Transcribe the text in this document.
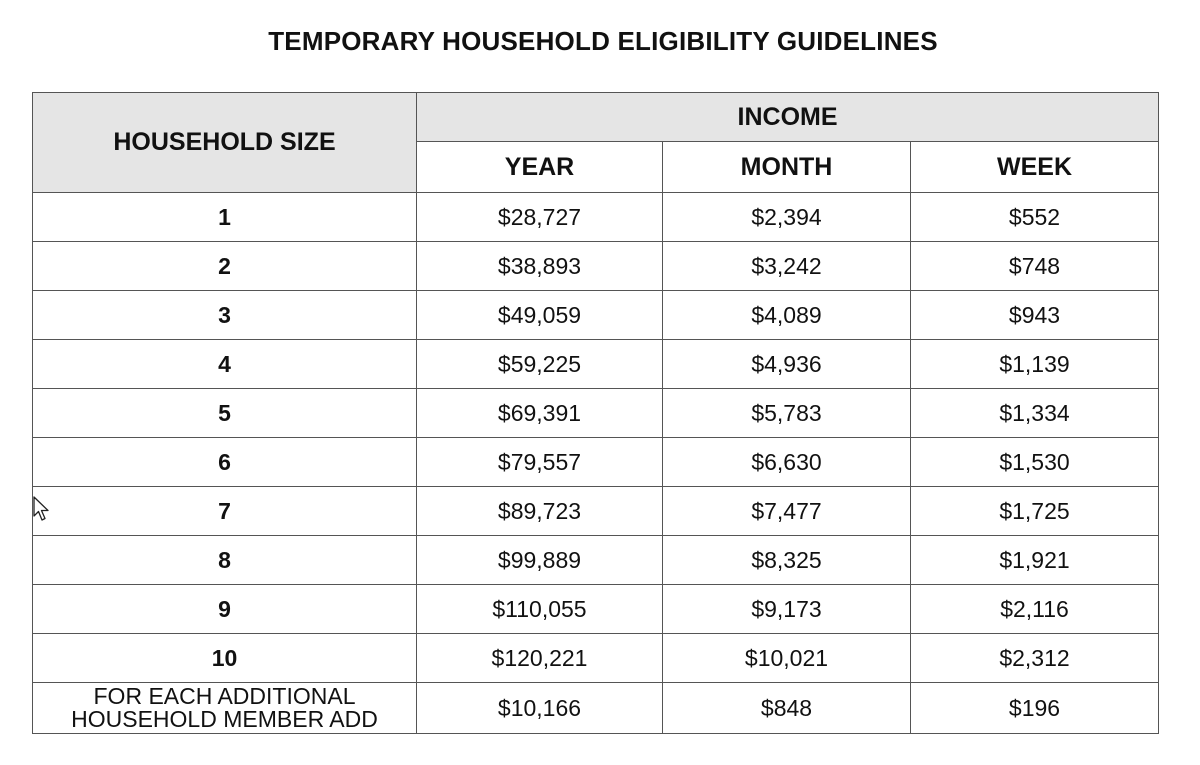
TEMPORARY HOUSEHOLD ELIGIBILITY GUIDELINES
HOUSEHOLD SIZE	INCOME		
	YEAR	MONTH	WEEK
1	$28,727	$2,394	$552
2	$38,893	$3,242	$748
3	$49,059	$4,089	$943
4	$59,225	$4,936	$1,139
5	$69,391	$5,783	$1,334
6	$79,557	$6,630	$1,530
7	$89,723	$7,477	$1,725
8	$99,889	$8,325	$1,921
9	$110,055	$9,173	$2,116
10	$120,221	$10,021	$2,312

FOR EACH ADDITIONAL
HOUSEHOLD MEMBER ADD	$10,166	$848	$196
